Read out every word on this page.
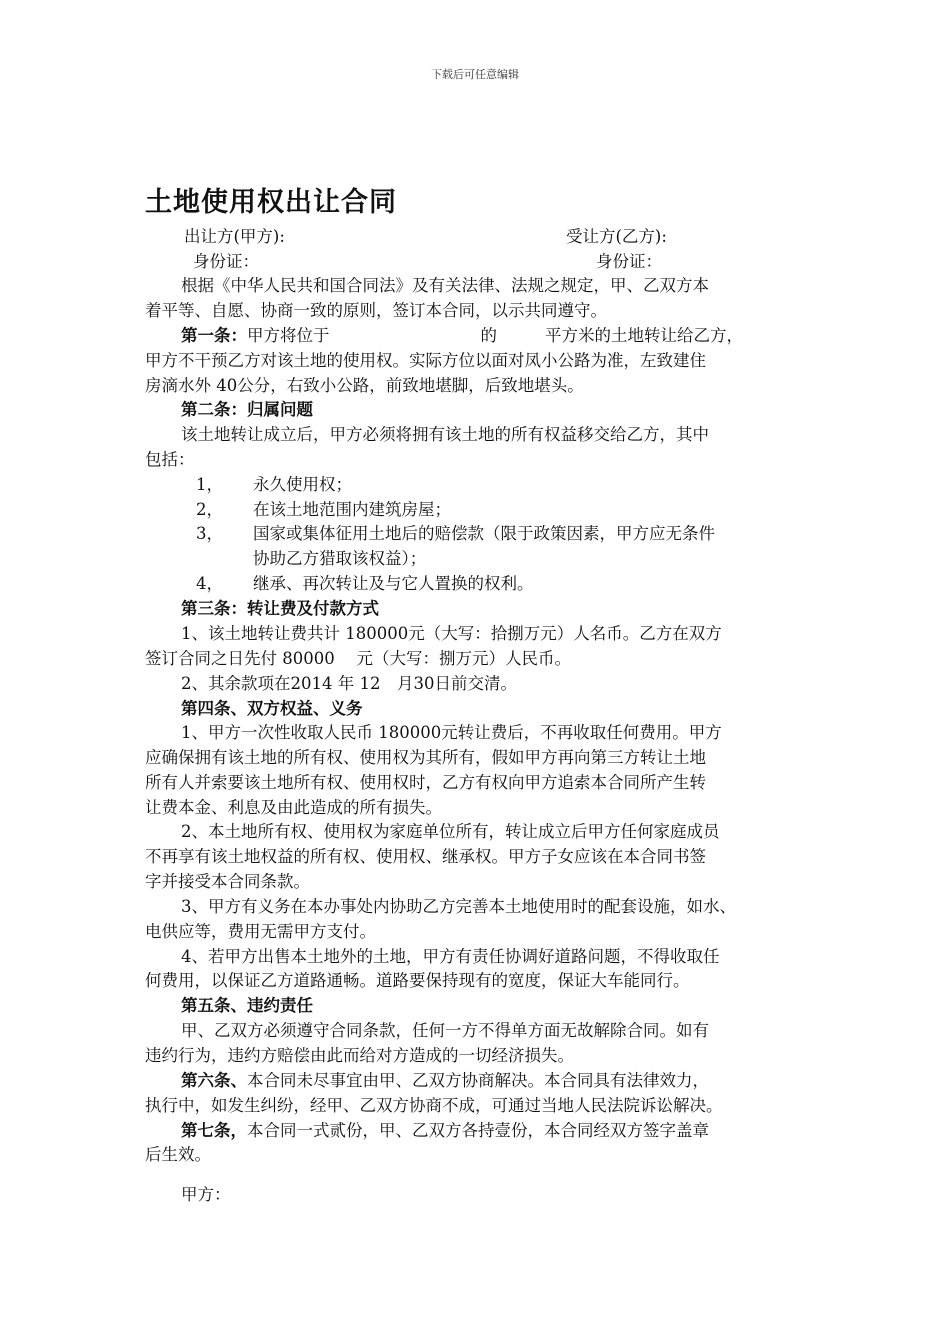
下载后可任意编辑
土地使用权出让合同
出让方(甲方):	受让方(乙方):
身份证：	身份证：
根据《中华人民共和国合同法》及有关法律、法规之规定，甲、乙双方本
着平等、自愿、协商一致的原则，签订本合同，以示共同遵守。
第一条：甲方将位于	的	平方米的土地转让给乙方，
甲方不干预乙方对该土地的使用权。实际方位以面对凤小公路为准，左致建住
房滴水外 40公分，右致小公路，前致地堪脚，后致地堪头。
第二条：归属问题
该土地转让成立后，甲方必须将拥有该土地的所有权益移交给乙方，其中
包括：
1，	永久使用权；
2，	在该土地范围内建筑房屋；
3，	国家或集体征用土地后的赔偿款（限于政策因素，甲方应无条件
协助乙方猎取该权益）；
4，	继承、再次转让及与它人置换的权利。
第三条：转让费及付款方式
1、该土地转让费共计 180000元（大写：拾捌万元）人名币。乙方在双方
签订合同之日先付 80000　 元（大写：捌万元）人民币。
2、其余款项在2014 年 12　月30日前交清。
第四条、双方权益、义务
1、甲方一次性收取人民币 180000元转让费后，不再收取任何费用。甲方
应确保拥有该土地的所有权、使用权为其所有，假如甲方再向第三方转让土地
所有人并索要该土地所有权、使用权时，乙方有权向甲方追索本合同所产生转
让费本金、利息及由此造成的所有损失。
2、本土地所有权、使用权为家庭单位所有，转让成立后甲方任何家庭成员
不再享有该土地权益的所有权、使用权、继承权。甲方子女应该在本合同书签
字并接受本合同条款。
3、甲方有义务在本办事处内协助乙方完善本土地使用时的配套设施，如水、
电供应等，费用无需甲方支付。
4、若甲方出售本土地外的土地，甲方有责任协调好道路问题，不得收取任
何费用，以保证乙方道路通畅。道路要保持现有的宽度，保证大车能同行。
第五条、违约责任
甲、乙双方必须遵守合同条款，任何一方不得单方面无故解除合同。如有
违约行为，违约方赔偿由此而给对方造成的一切经济损失。
第六条、本合同未尽事宜由甲、乙双方协商解决。本合同具有法律效力，
执行中，如发生纠纷，经甲、乙双方协商不成，可通过当地人民法院诉讼解决。
第七条，本合同一式贰份，甲、乙双方各持壹份，本合同经双方签字盖章
后生效。
甲方：
